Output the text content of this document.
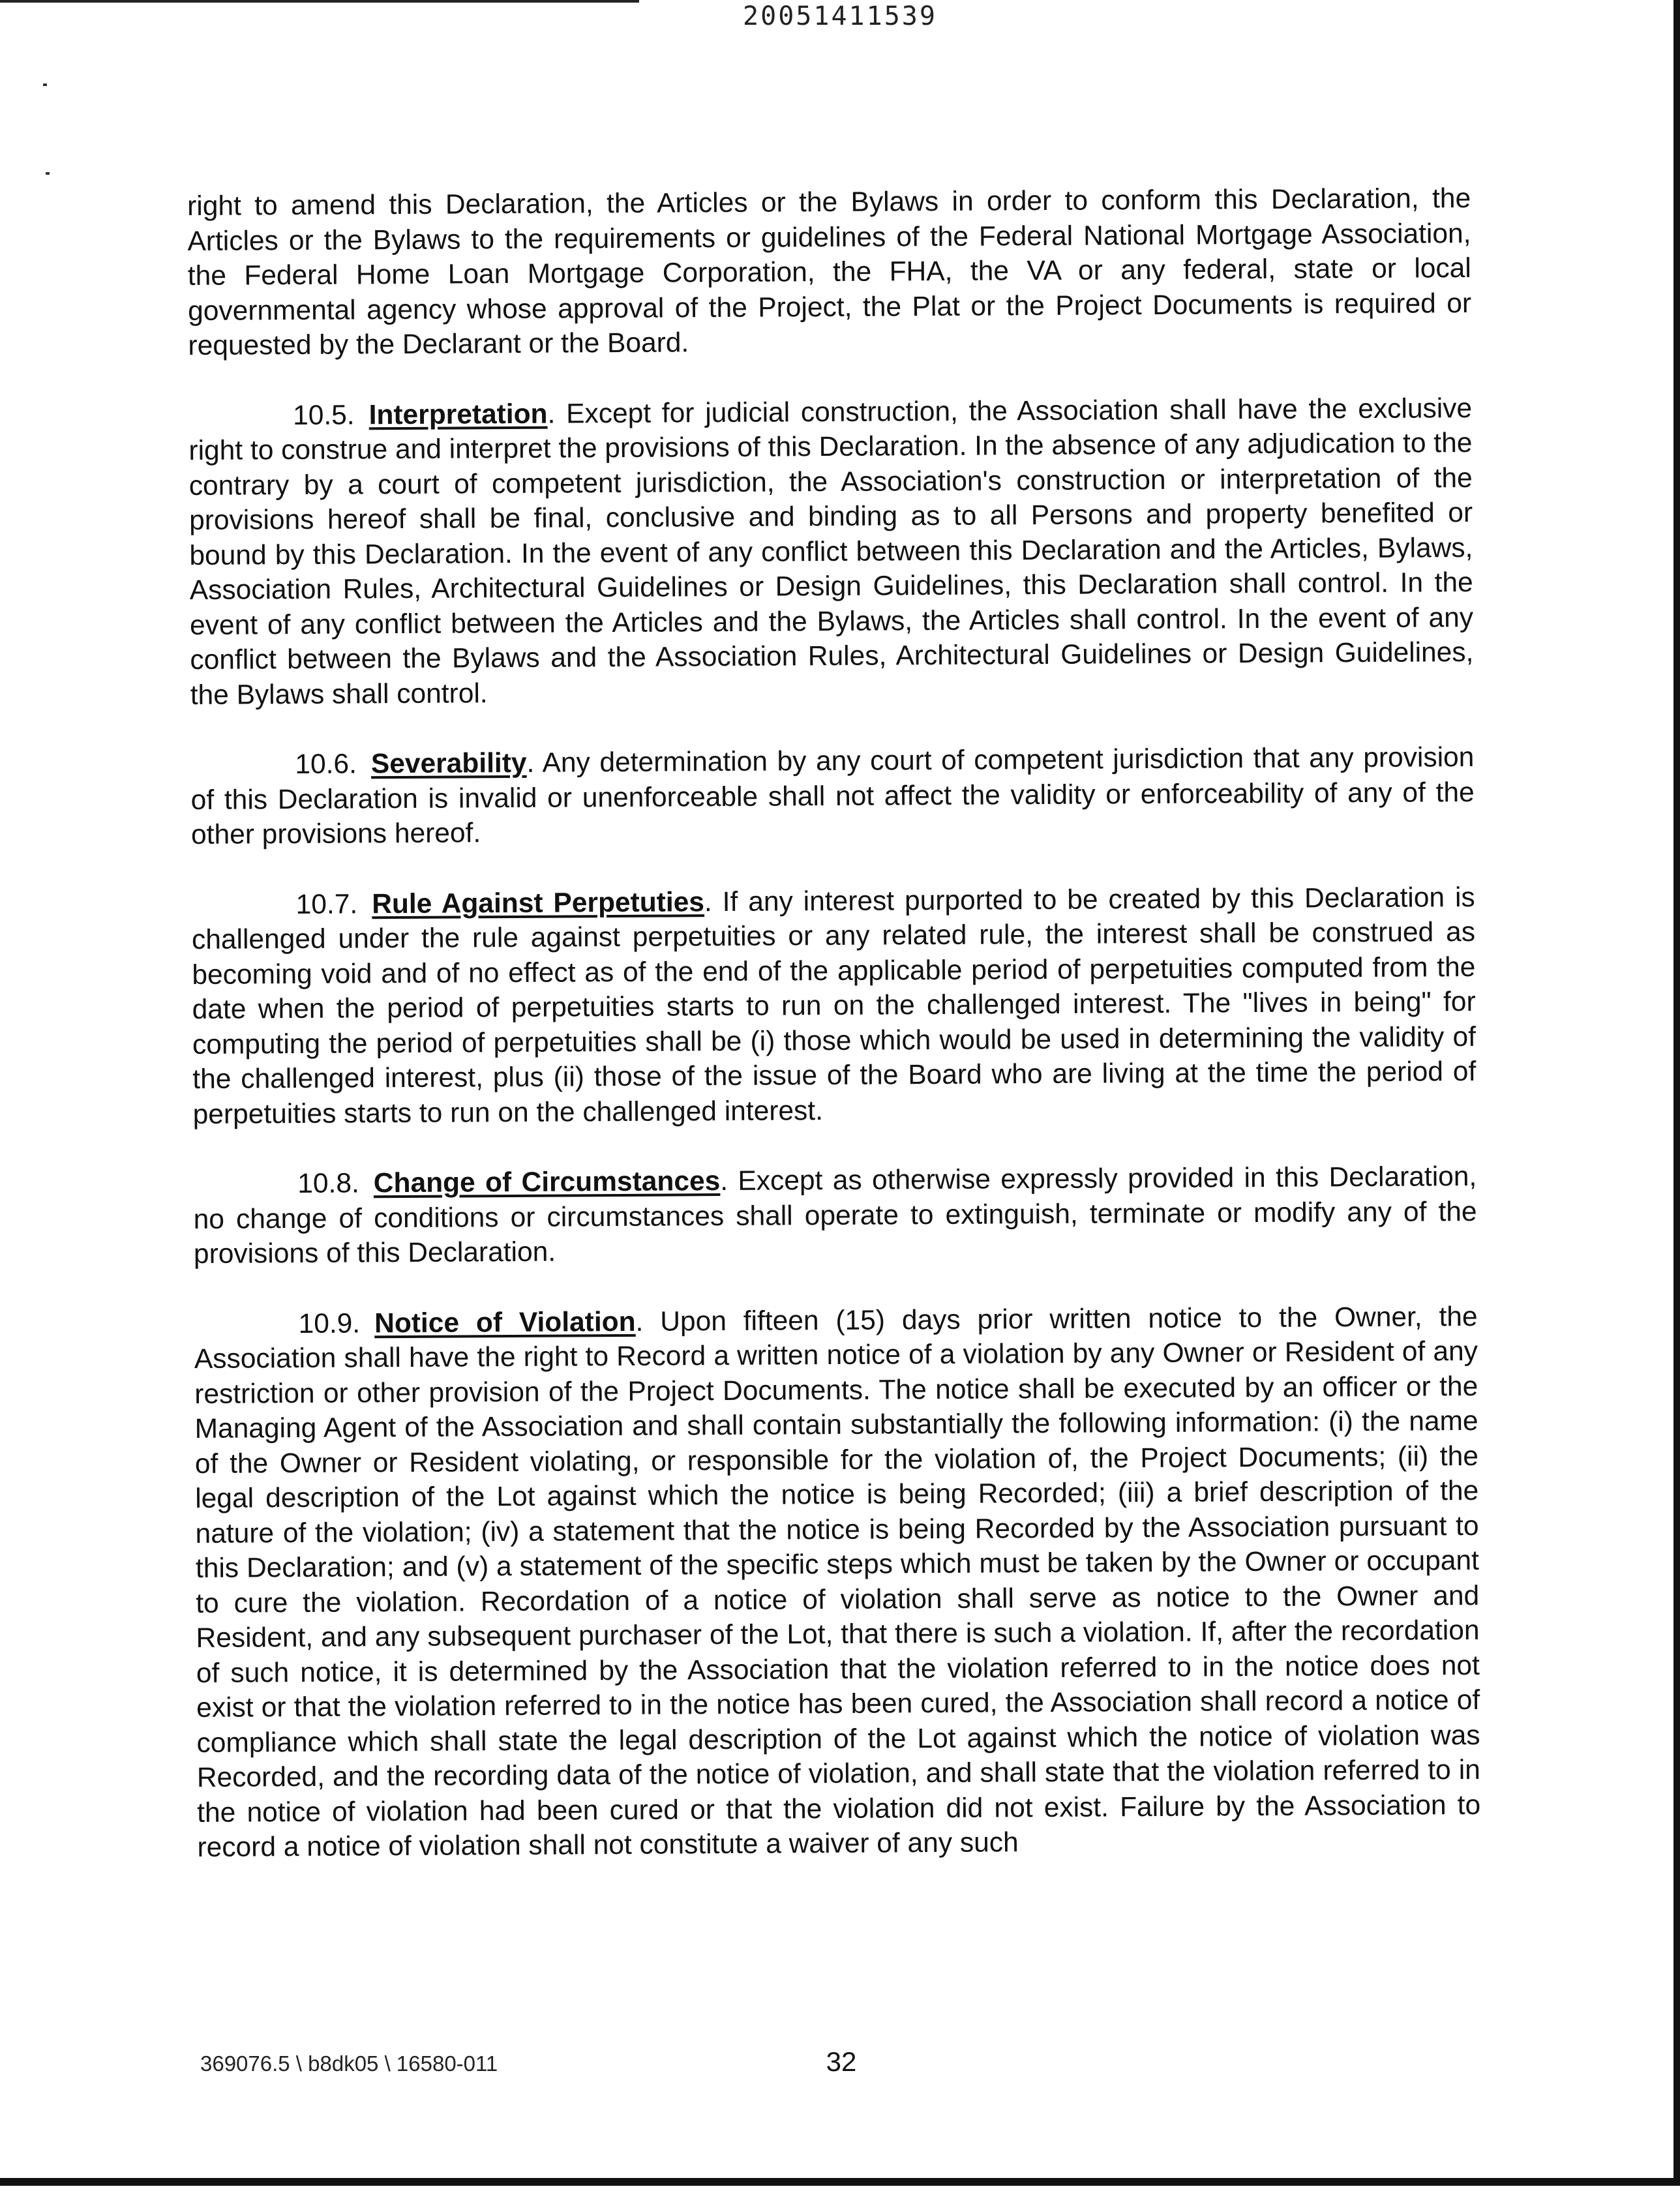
20051411539

right to amend this Declaration, the Articles or the Bylaws in order to conform this Declaration, the Articles or the Bylaws to the requirements or guidelines of the Federal National Mortgage Association, the Federal Home Loan Mortgage Corporation, the FHA, the VA or any federal, state or local governmental agency whose approval of the Project, the Plat or the Project Documents is required or requested by the Declarant or the Board.

10.5. Interpretation. Except for judicial construction, the Association shall have the exclusive right to construe and interpret the provisions of this Declaration. In the absence of any adjudication to the contrary by a court of competent jurisdiction, the Association's construction or interpretation of the provisions hereof shall be final, conclusive and binding as to all Persons and property benefited or bound by this Declaration. In the event of any conflict between this Declaration and the Articles, Bylaws, Association Rules, Architectural Guidelines or Design Guidelines, this Declaration shall control. In the event of any conflict between the Articles and the Bylaws, the Articles shall control. In the event of any conflict between the Bylaws and the Association Rules, Architectural Guidelines or Design Guidelines, the Bylaws shall control.

10.6. Severability. Any determination by any court of competent jurisdiction that any provision of this Declaration is invalid or unenforceable shall not affect the validity or enforceability of any of the other provisions hereof.

10.7. Rule Against Perpetuties. If any interest purported to be created by this Declaration is challenged under the rule against perpetuities or any related rule, the interest shall be construed as becoming void and of no effect as of the end of the applicable period of perpetuities computed from the date when the period of perpetuities starts to run on the challenged interest. The "lives in being" for computing the period of perpetuities shall be (i) those which would be used in determining the validity of the challenged interest, plus (ii) those of the issue of the Board who are living at the time the period of perpetuities starts to run on the challenged interest.

10.8. Change of Circumstances. Except as otherwise expressly provided in this Declaration, no change of conditions or circumstances shall operate to extinguish, terminate or modify any of the provisions of this Declaration.

10.9. Notice of Violation. Upon fifteen (15) days prior written notice to the Owner, the Association shall have the right to Record a written notice of a violation by any Owner or Resident of any restriction or other provision of the Project Documents. The notice shall be executed by an officer or the Managing Agent of the Association and shall contain substantially the following information: (i) the name of the Owner or Resident violating, or responsible for the violation of, the Project Documents; (ii) the legal description of the Lot against which the notice is being Recorded; (iii) a brief description of the nature of the violation; (iv) a statement that the notice is being Recorded by the Association pursuant to this Declaration; and (v) a statement of the specific steps which must be taken by the Owner or occupant to cure the violation. Recordation of a notice of violation shall serve as notice to the Owner and Resident, and any subsequent purchaser of the Lot, that there is such a violation. If, after the recordation of such notice, it is determined by the Association that the violation referred to in the notice does not exist or that the violation referred to in the notice has been cured, the Association shall record a notice of compliance which shall state the legal description of the Lot against which the notice of violation was Recorded, and the recording data of the notice of violation, and shall state that the violation referred to in the notice of violation had been cured or that the violation did not exist. Failure by the Association to record a notice of violation shall not constitute a waiver of any such

369076.5 \ b8dk05 \ 16580-011	32
